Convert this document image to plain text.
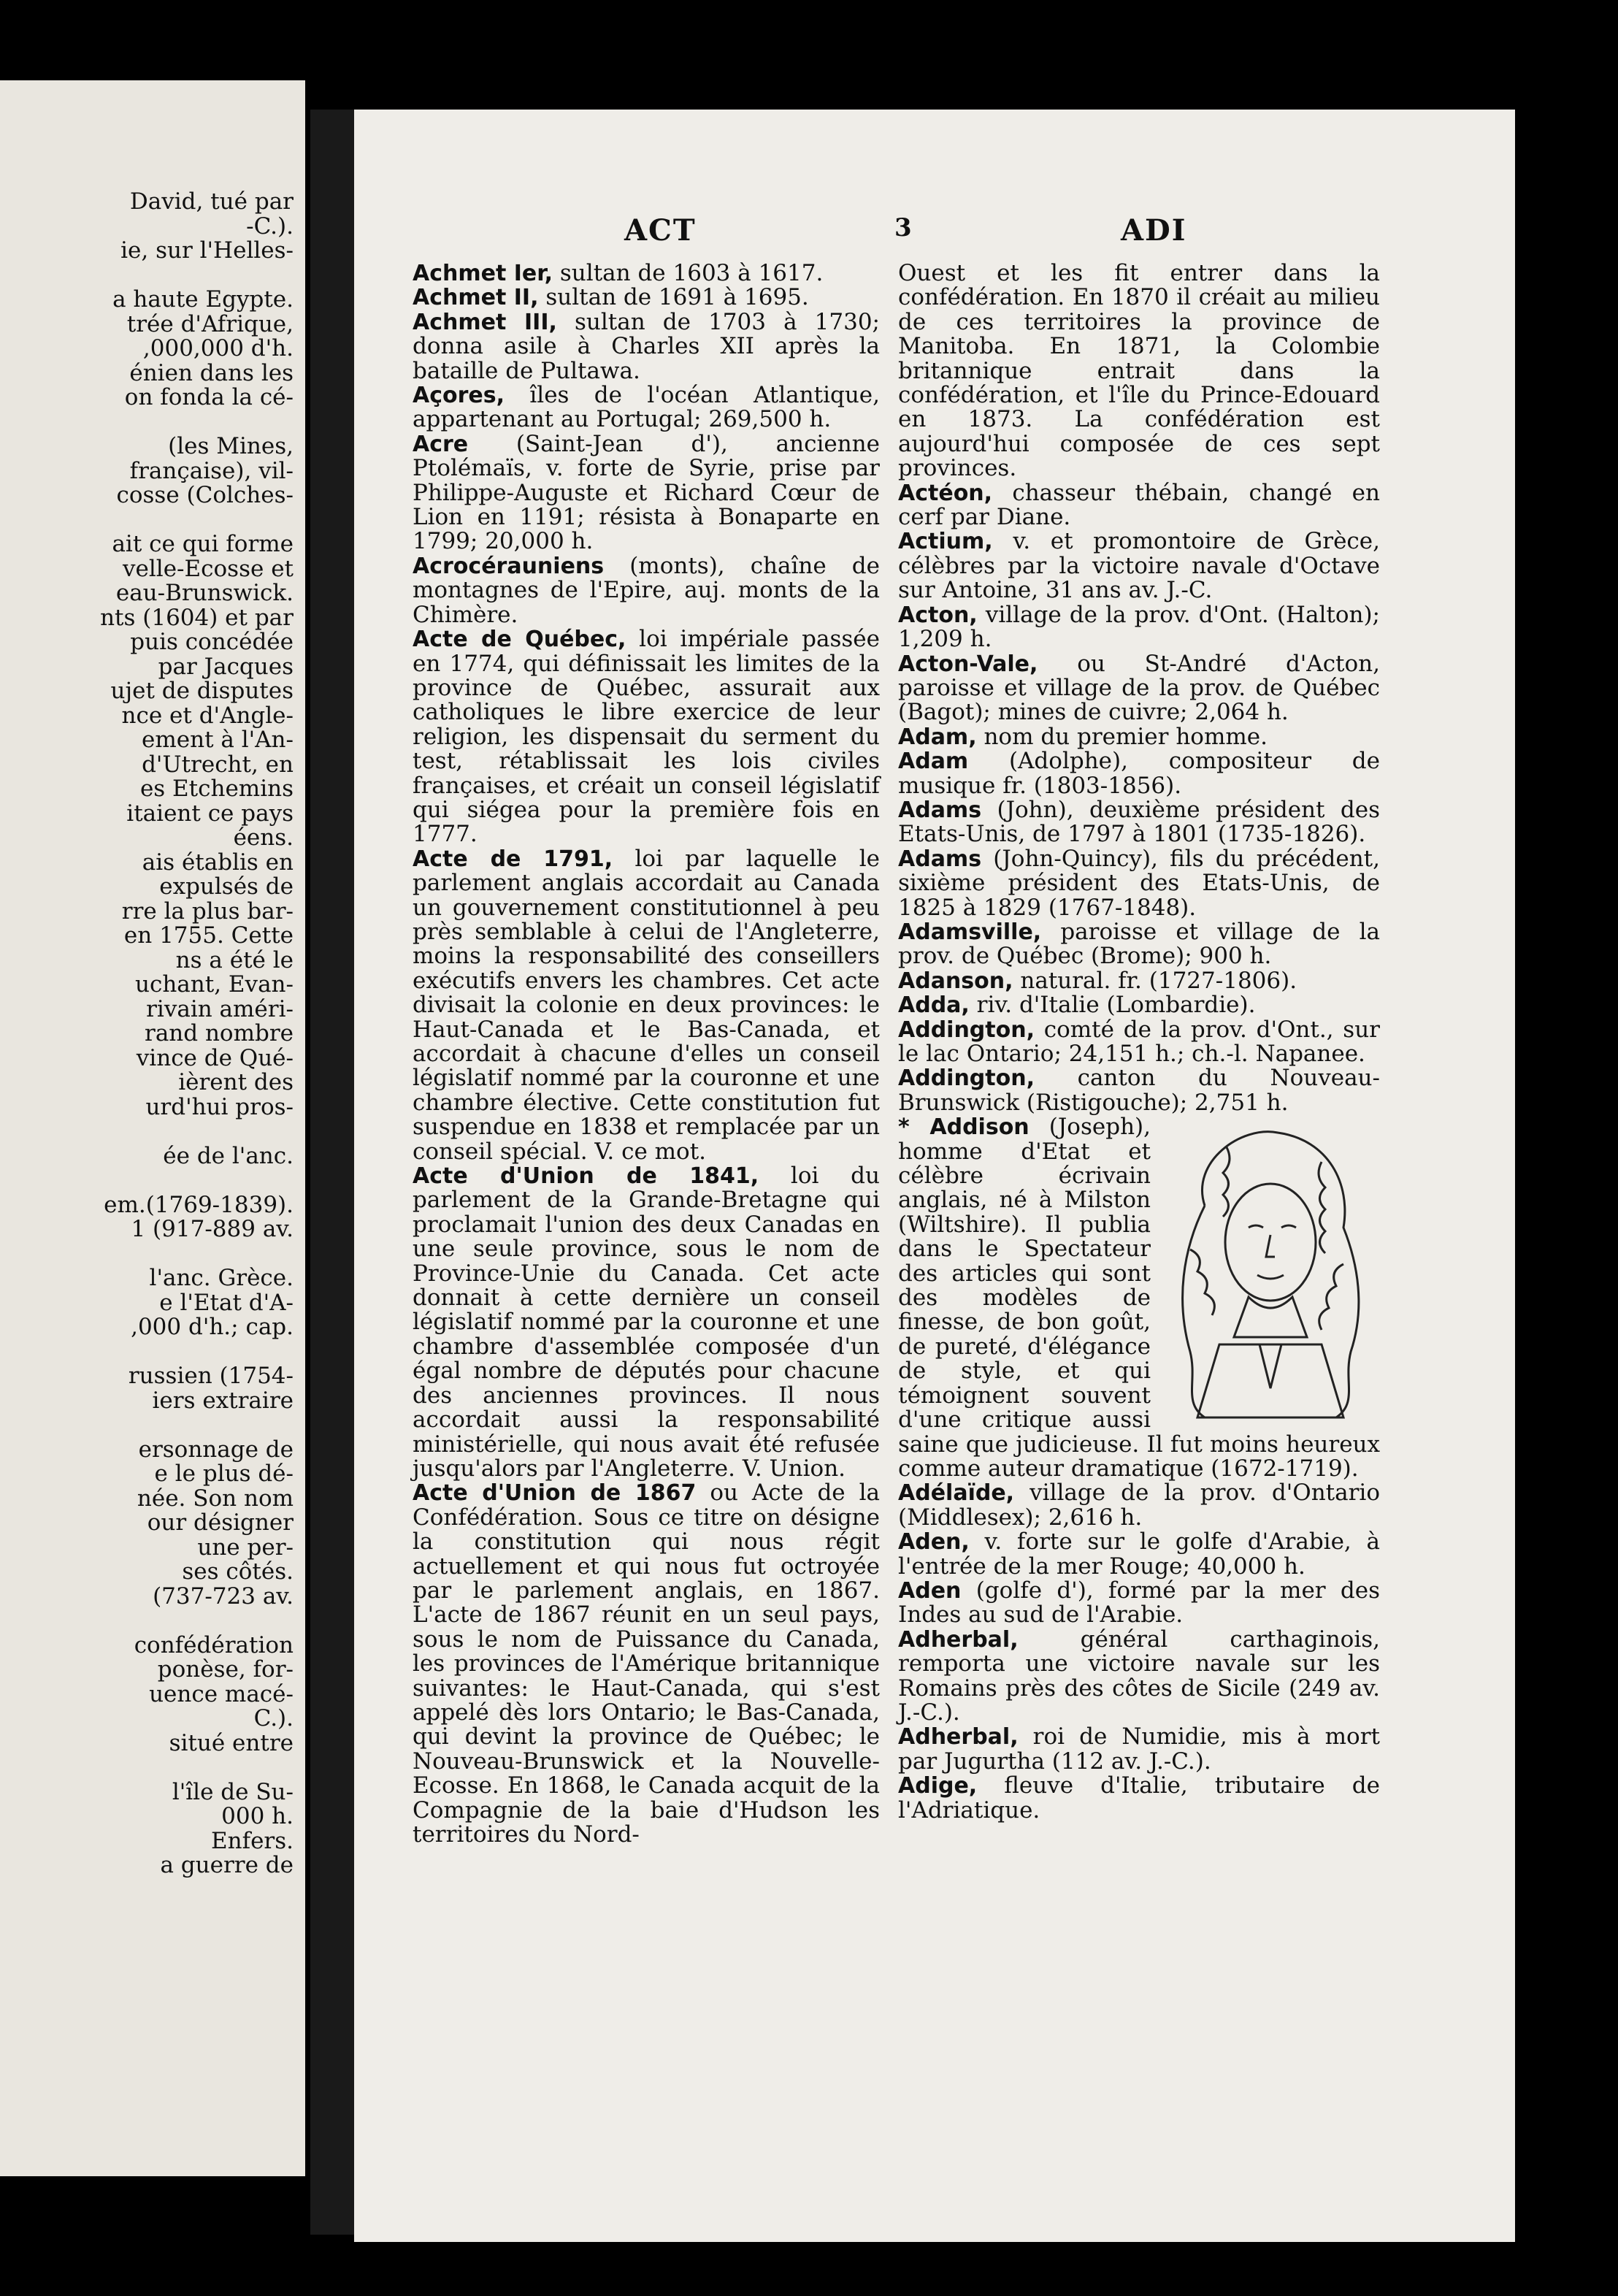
David, tué par
-C.).
ie, sur l'Helles-
a haute Egypte.
trée d'Afrique,
,000,000 d'h.
énien dans les
on fonda la cé-
(les Mines,
française), vil-
cosse (Colches-
ait ce qui forme
velle-Ecosse et
eau-Brunswick.
nts (1604) et par
puis concédée
par Jacques
ujet de disputes
nce et d'Angle-
ement à l'An-
d'Utrecht, en
es Etchemins
itaient ce pays
éens.
ais établis en
expulsés de
rre la plus bar-
en 1755. Cette
ns a été le
uchant, Evan-
rivain améri-
rand nombre
vince de Qué-
ièrent des
urd'hui pros-
ée de l'anc.
em.(1769-1839).
1 (917-889 av.
l'anc. Grèce.
e l'Etat d'A-
,000 d'h.; cap.
russien (1754-
iers extraire
ersonnage de
e le plus dé-
née. Son nom
our désigner
une per-
ses côtés.
(737-723 av.
confédération
ponèse, for-
uence macé-
C.).
situé entre
l'île de Su-
000 h.
Enfers.
a guerre de
ACT	3	ADI

Achmet Ier, sultan de 1603 à 1617.

Achmet II, sultan de 1691 à 1695.

Achmet III, sultan de 1703 à 1730; donna asile à Charles XII après la bataille de Pultawa.

Açores, îles de l'océan Atlantique, appartenant au Portugal; 269,500 h.

Acre (Saint-Jean d'), ancienne Ptolémaïs, v. forte de Syrie, prise par Philippe-Auguste et Richard Cœur de Lion en 1191; résista à Bonaparte en 1799; 20,000 h.

Acrocérauniens (monts), chaîne de montagnes de l'Epire, auj. monts de la Chimère.

Acte de Québec, loi impériale passée en 1774, qui définissait les limites de la province de Québec, assurait aux catholiques le libre exercice de leur religion, les dispensait du serment du test, rétablissait les lois civiles françaises, et créait un conseil législatif qui siégea pour la première fois en 1777.

Acte de 1791, loi par laquelle le parlement anglais accordait au Canada un gouvernement constitutionnel à peu près semblable à celui de l'Angleterre, moins la responsabilité des conseillers exécutifs envers les chambres. Cet acte divisait la colonie en deux provinces: le Haut-Canada et le Bas-Canada, et accordait à chacune d'elles un conseil législatif nommé par la couronne et une chambre élective. Cette constitution fut suspendue en 1838 et remplacée par un conseil spécial. V. ce mot.

Acte d'Union de 1841, loi du parlement de la Grande-Bretagne qui proclamait l'union des deux Canadas en une seule province, sous le nom de Province-Unie du Canada. Cet acte donnait à cette dernière un conseil législatif nommé par la couronne et une chambre d'assemblée composée d'un égal nombre de députés pour chacune des anciennes provinces. Il nous accordait aussi la responsabilité ministérielle, qui nous avait été refusée jusqu'alors par l'Angleterre. V. Union.

Acte d'Union de 1867 ou Acte de la Confédération. Sous ce titre on désigne la constitution qui nous régit actuellement et qui nous fut octroyée par le parlement anglais, en 1867. L'acte de 1867 réunit en un seul pays, sous le nom de Puissance du Canada, les provinces de l'Amérique britannique suivantes: le Haut-Canada, qui s'est appelé dès lors Ontario; le Bas-Canada, qui devint la province de Québec; le Nouveau-Brunswick et la Nouvelle-Ecosse. En 1868, le Canada acquit de la Compagnie de la baie d'Hudson les territoires du Nord-

Ouest et les fit entrer dans la confédération. En 1870 il créait au milieu de ces territoires la province de Manitoba. En 1871, la Colombie britannique entrait dans la confédération, et l'île du Prince-Edouard en 1873. La confédération est aujourd'hui composée de ces sept provinces.

Actéon, chasseur thébain, changé en cerf par Diane.

Actium, v. et promontoire de Grèce, célèbres par la victoire navale d'Octave sur Antoine, 31 ans av. J.-C.

Acton, village de la prov. d'Ont. (Halton); 1,209 h.

Acton-Vale, ou St-André d'Acton, paroisse et village de la prov. de Québec (Bagot); mines de cuivre; 2,064 h.

Adam, nom du premier homme.

Adam (Adolphe), compositeur de musique fr. (1803-1856).

Adams (John), deuxième président des Etats-Unis, de 1797 à 1801 (1735-1826).

Adams (John-Quincy), fils du précédent, sixième président des Etats-Unis, de 1825 à 1829 (1767-1848).

Adamsville, paroisse et village de la prov. de Québec (Brome); 900 h.

Adanson, natural. fr. (1727-1806).

Adda, riv. d'Italie (Lombardie).

Addington, comté de la prov. d'Ont., sur le lac Ontario; 24,151 h.; ch.-l. Napanee.

Addington, canton du Nouveau-Brunswick (Ristigouche); 2,751 h.

* Addison (Joseph), homme d'Etat et célèbre écrivain anglais, né à Milston (Wiltshire). Il publia dans le Spectateur des articles qui sont des modèles de finesse, de bon goût, de pureté, d'élégance de style, et qui témoignent souvent d'une critique aussi saine que judicieuse. Il fut moins heureux comme auteur dramatique (1672-1719).

Adélaïde, village de la prov. d'Ontario (Middlesex); 2,616 h.

Aden, v. forte sur le golfe d'Arabie, à l'entrée de la mer Rouge; 40,000 h.

Aden (golfe d'), formé par la mer des Indes au sud de l'Arabie.

Adherbal, général carthaginois, remporta une victoire navale sur les Romains près des côtes de Sicile (249 av. J.-C.).

Adherbal, roi de Numidie, mis à mort par Jugurtha (112 av. J.-C.).

Adige, fleuve d'Italie, tributaire de l'Adriatique.
